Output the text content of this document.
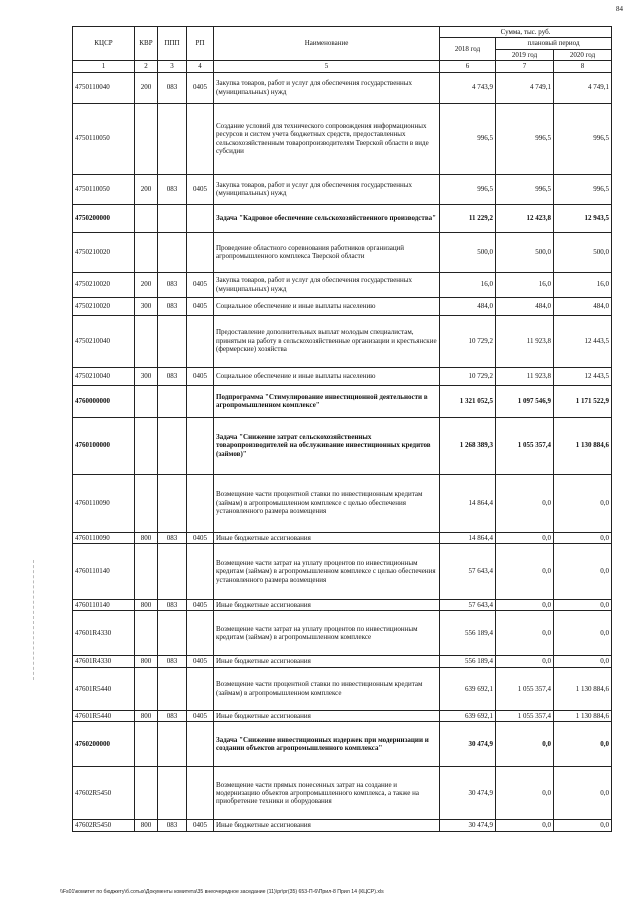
84
КЦСР	КВР	ППП	РП	Наименование	Сумма, тыс. руб.		
					2018 год	плановый период	
						2019 год	2020 год
1	2	3	4	5	6	7	8
4750110040	200	083	0405	Закупка товаров, работ и услуг для обеспечения государственных (муниципальных) нужд	4 743,9	4 749,1	4 749,1
4750110050				Создание условий для технического сопровождения информационных ресурсов и систем учета бюджетных средств, предоставленных сельскохозяйственным товаропроизводителям Тверской области в виде субсидии	996,5	996,5	996,5
4750110050	200	083	0405	Закупка товаров, работ и услуг для обеспечения государственных (муниципальных) нужд	996,5	996,5	996,5
4750200000				Задача "Кадровое обеспечение сельскохозяйственного производства"	11 229,2	12 423,8	12 943,5
4750210020				Проведение областного соревнования работников организаций агропромышленного комплекса Тверской области	500,0	500,0	500,0
4750210020	200	083	0405	Закупка товаров, работ и услуг для обеспечения государственных (муниципальных) нужд	16,0	16,0	16,0
4750210020	300	083	0405	Социальное обеспечение и иные выплаты населению	484,0	484,0	484,0
4750210040				Предоставление дополнительных выплат молодым специалистам, принятым на работу в сельскохозяйственные организации и крестьянские (фермерские) хозяйства	10 729,2	11 923,8	12 443,5
4750210040	300	083	0405	Социальное обеспечение и иные выплаты населению	10 729,2	11 923,8	12 443,5
4760000000				Подпрограмма "Стимулирование инвестиционной деятельности в агропромышленном комплексе"	1 321 052,5	1 097 546,9	1 171 522,9
4760100000				Задача "Снижение затрат сельскохозяйственных товаропроизводителей на обслуживание инвестиционных кредитов (займов)"	1 268 389,3	1 055 357,4	1 130 884,6
4760110090				Возмещение части процентной ставки по инвестиционным кредитам (займам) в агропромышленном комплексе с целью обеспечения установленного размера возмещения	14 864,4	0,0	0,0
4760110090	800	083	0405	Иные бюджетные ассигнования	14 864,4	0,0	0,0
4760110140				Возмещение части затрат на уплату процентов по инвестиционным кредитам (займам) в агропромышленном комплексе с целью обеспечения установленного размера возмещения	57 643,4	0,0	0,0
4760110140	800	083	0405	Иные бюджетные ассигнования	57 643,4	0,0	0,0
47601R4330				Возмещение части затрат на уплату процентов по инвестиционным кредитам (займам) в агропромышленном комплексе	556 189,4	0,0	0,0
47601R4330	800	083	0405	Иные бюджетные ассигнования	556 189,4	0,0	0,0
47601R5440				Возмещение части процентной ставки по инвестиционным кредитам (займам) в агропромышленном комплексе	639 692,1	1 055 357,4	1 130 884,6
47601R5440	800	083	0405	Иные бюджетные ассигнования	639 692,1	1 055 357,4	1 130 884,6
4760200000				Задача "Снижение инвестиционных издержек при модернизации и создании объектов агропромышленного комплекса"	30 474,9	0,0	0,0
47602R5450				Возмещение части прямых понесенных затрат на создание и модернизацию объектов агропромышленного комплекса, а также на приобретение техники и оборудования	30 474,9	0,0	0,0
47602R5450	800	083	0405	Иные бюджетные ассигнования	30 474,9	0,0	0,0
\\Fs01\комитет по бюджету\б.сотых\Документы комитета\35 внеочередное заседание (11)\pr\pr(35) 653-П-6\Прил-8 Прил 14 (КЦСР).xls
